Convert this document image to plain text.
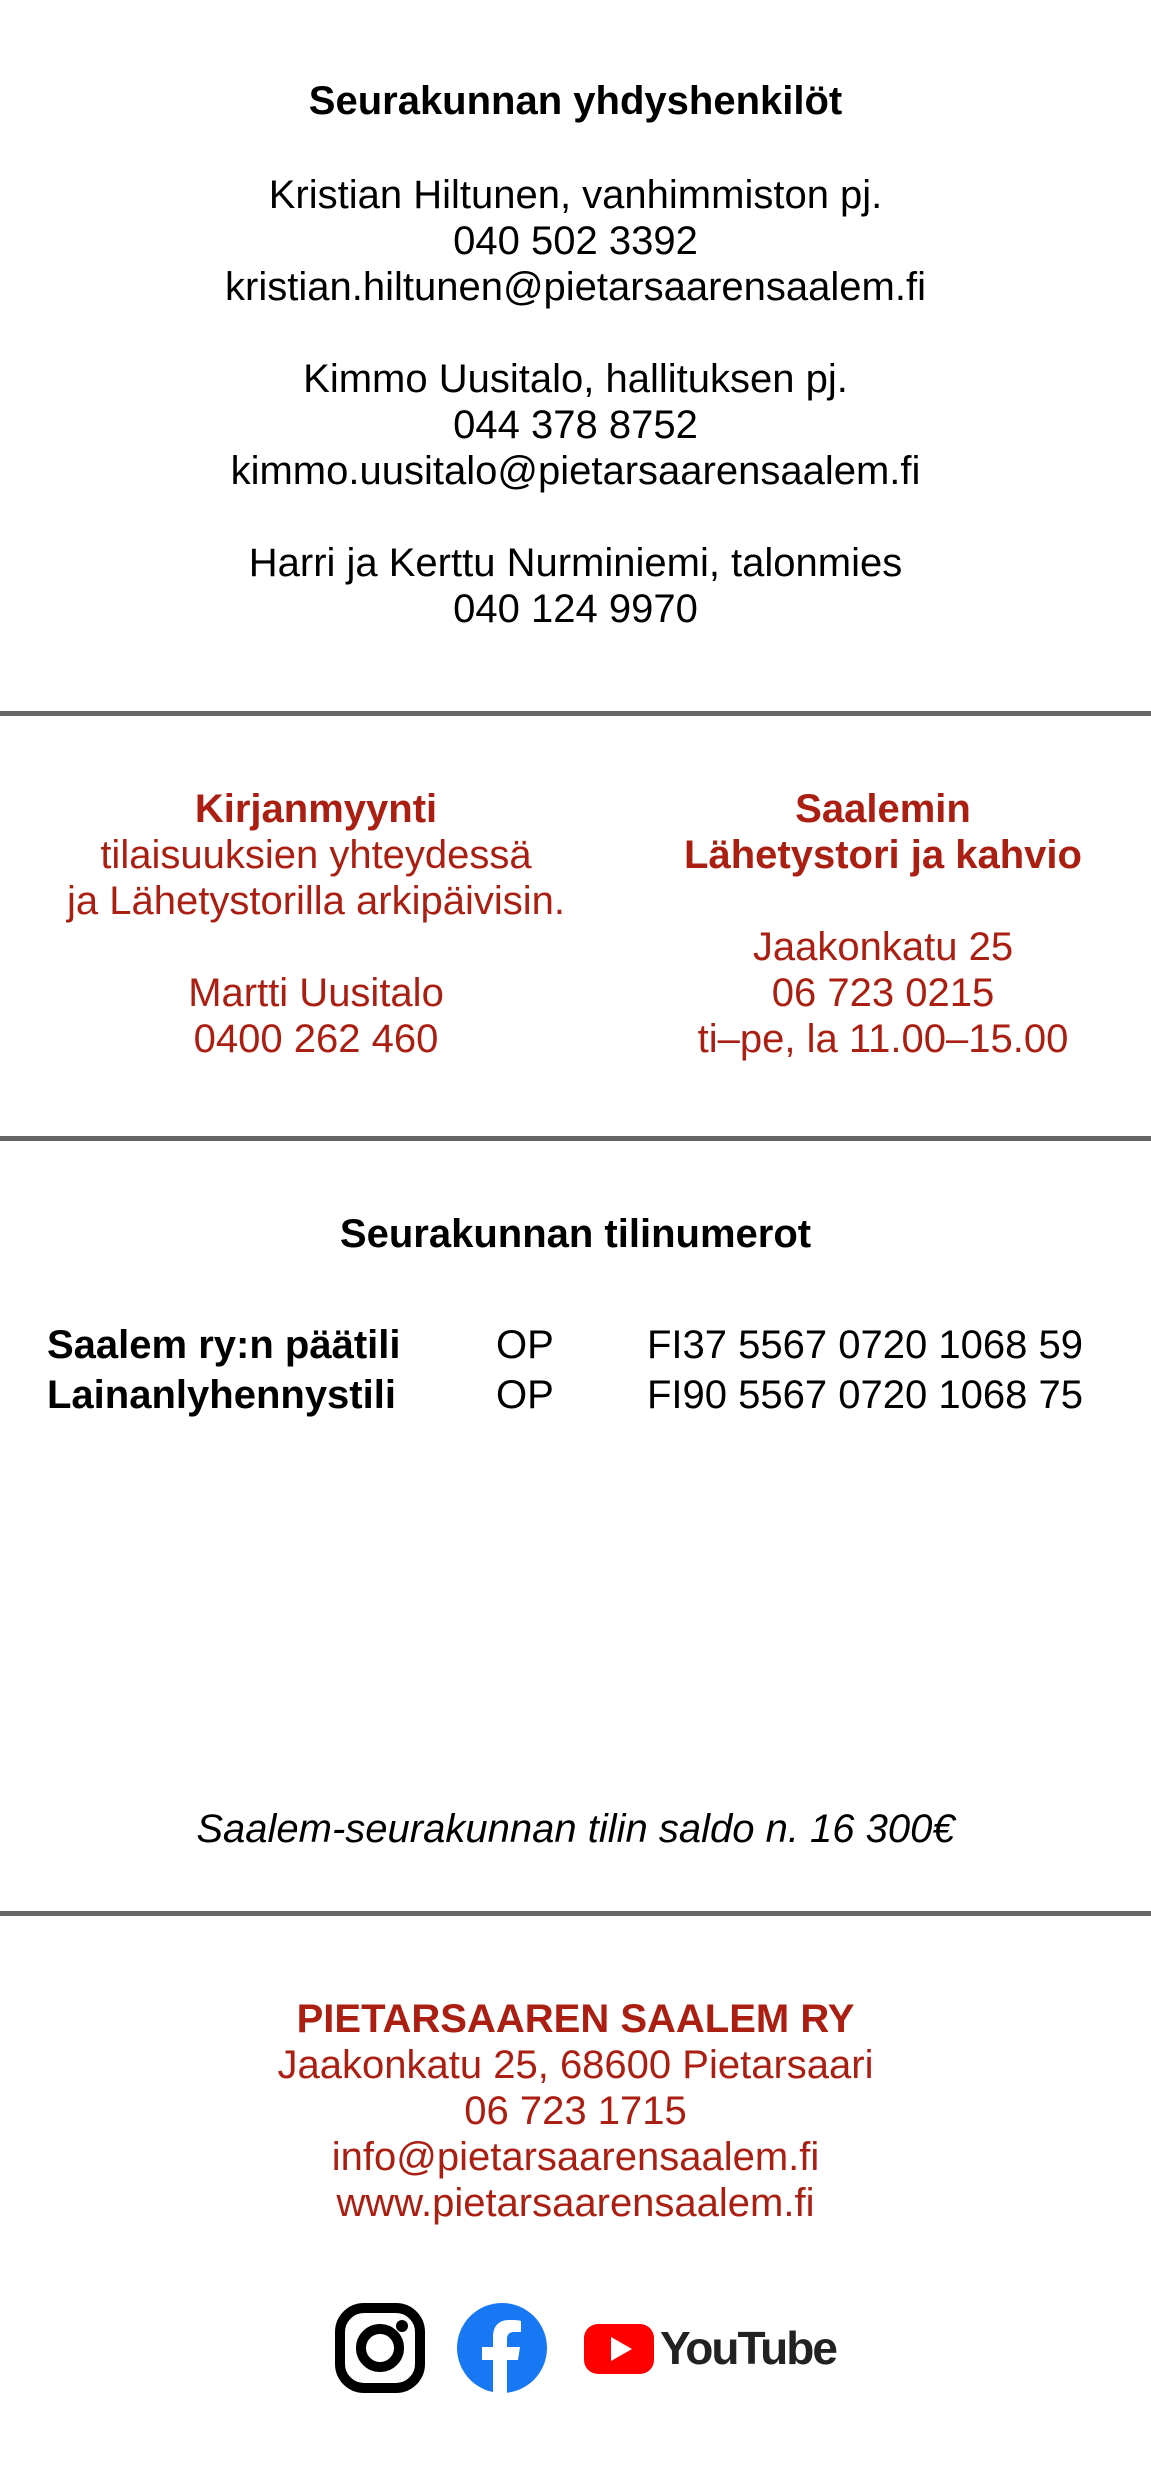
Seurakunnan yhdyshenkilöt
Kristian Hiltunen, vanhimmiston pj.
040 502 3392
kristian.hiltunen@pietarsaarensaalem.fi
Kimmo Uusitalo, hallituksen pj.
044 378 8752
kimmo.uusitalo@pietarsaarensaalem.fi
Harri ja Kerttu Nurminiemi, talonmies
040 124 9970
Kirjanmyynti
tilaisuuksien yhteydessä
ja Lähetystorilla arkipäivisin.
Martti Uusitalo
0400 262 460
Saalemin
Lähetystori ja kahvio
Jaakonkatu 25
06 723 0215
ti–pe, la 11.00–15.00
Seurakunnan tilinumerot
Saalem ry:n päätili OP FI37 5567 0720 1068 59
Lainanlyhennystili	OP FI90 5567 0720 1068 75
Saalem-seurakunnan tilin saldo n. 16 300€
PIETARSAAREN SAALEM RY
Jaakonkatu 25, 68600 Pietarsaari
06 723 1715
info@pietarsaarensaalem.fi
www.pietarsaarensaalem.fi
YouTube
